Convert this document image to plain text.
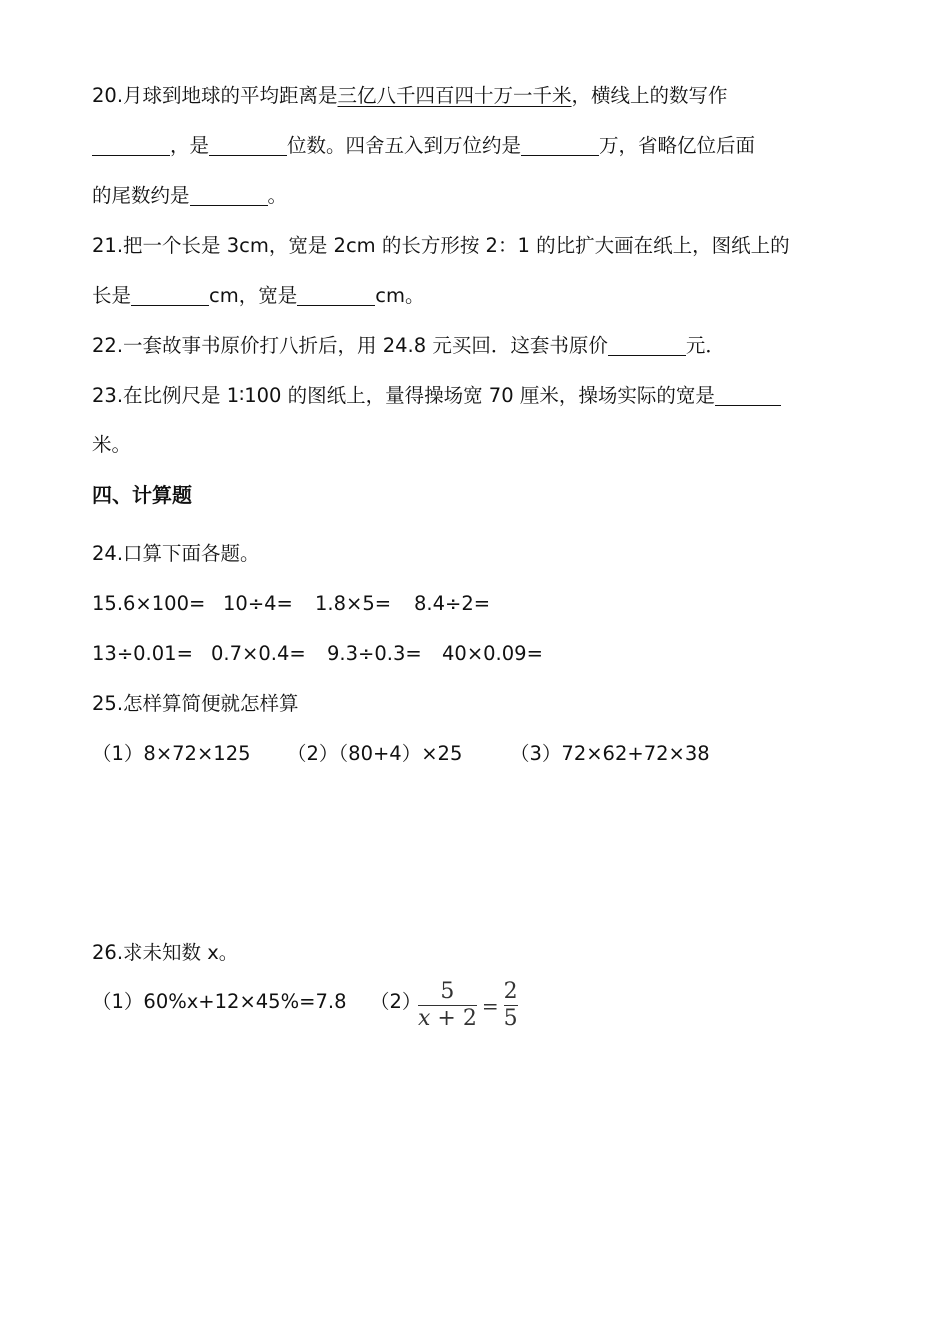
20.月球到地球的平均距离是三亿八千四百四十万一千米，横线上的数写作
，是	位数。四舍五入到万位约是	万，省略亿位后面
的尾数约是	。
21.把一个长是 3cm，宽是 2cm 的长方形按 2：1 的比扩大画在纸上，图纸上的
长是	cm，宽是	cm。
22.一套故事书原价打八折后，用 24.8 元买回．这套书原价	元．
23.在比例尺是 1∶100 的图纸上，量得操场宽 70 厘米，操场实际的宽是
米。
四、计算题
24.口算下面各题。
15.6×100= 10÷4= 1.8×5= 8.4÷2=
13÷0.01= 0.7×0.4= 9.3÷0.3= 40×0.09=
25.怎样算简便就怎样算
（1）8×72×125 （2）（80+4）×25 （3）72×62+72×38
26.求未知数 x。
（1）60%x+12×45%=7.8 （2）
$\frac{5}{x + 2} = \frac{2}{5}$
